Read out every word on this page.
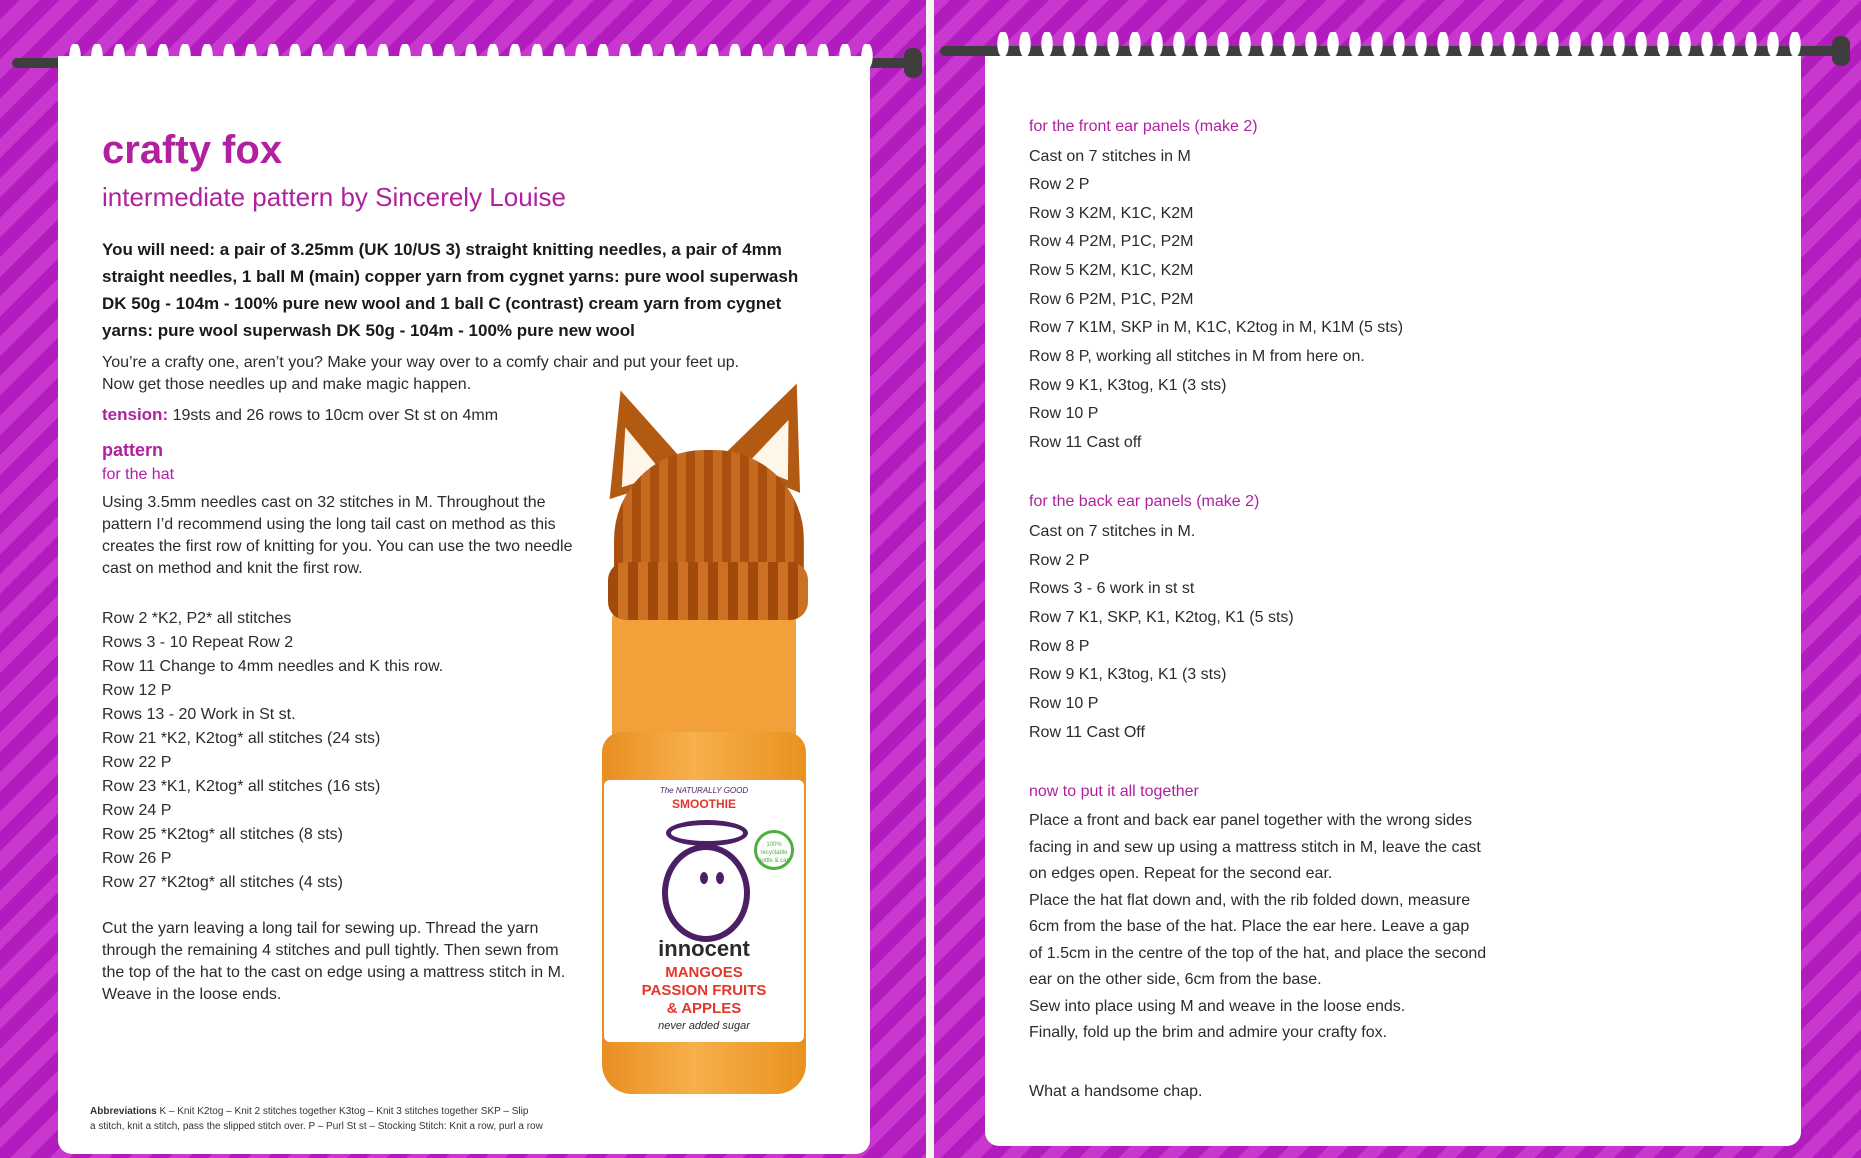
crafty fox
intermediate pattern by Sincerely Louise
You will need: a pair of 3.25mm (UK 10/US 3) straight knitting needles, a pair of 4mm
straight needles, 1 ball M (main) copper yarn from cygnet yarns: pure wool superwash
DK 50g - 104m - 100% pure new wool and 1 ball C (contrast) cream yarn from cygnet
yarns: pure wool superwash DK 50g - 104m - 100% pure new wool
You’re a crafty one, aren’t you? Make your way over to a comfy chair and put your feet up.
Now get those needles up and make magic happen.
tension: 19sts and 26 rows to 10cm over St st on 4mm
pattern
for the hat
Using 3.5mm needles cast on 32 stitches in M. Throughout the
pattern I’d recommend using the long tail cast on method as this
creates the first row of knitting for you. You can use the two needle
cast on method and knit the first row.

Row 2 *K2, P2* all stitches

Rows 3 - 10 Repeat Row 2

Row 11 Change to 4mm needles and K this row.

Row 12 P

Rows 13 - 20 Work in St st.

Row 21 *K2, K2tog* all stitches (24 sts)

Row 22 P

Row 23 *K1, K2tog* all stitches (16 sts)

Row 24 P

Row 25 *K2tog* all stitches (8 sts)

Row 26 P

Row 27 *K2tog* all stitches (4 sts)

Cut the yarn leaving a long tail for sewing up. Thread the yarn
through the remaining 4 stitches and pull tightly. Then sewn from
the top of the hat to the cast on edge using a mattress stitch in M.
Weave in the loose ends.
Abbreviations K – Knit K2tog – Knit 2 stitches together K3tog – Knit 3 stitches together SKP – Slip
a stitch, knit a stitch, pass the slipped stitch over. P – Purl St st – Stocking Stitch: Knit a row, purl a row

The NATURALLY GOOD

SMOOTHIE

100% recyclable bottle & cap

innocent

MANGOES

PASSION FRUITS

& APPLES

never added sugar

for the front ear panels (make 2)

Cast on 7 stitches in M

Row 2 P

Row 3 K2M, K1C, K2M

Row 4 P2M, P1C, P2M

Row 5 K2M, K1C, K2M

Row 6 P2M, P1C, P2M

Row 7 K1M, SKP in M, K1C, K2tog in M, K1M (5 sts)

Row 8 P, working all stitches in M from here on.

Row 9 K1, K3tog, K1 (3 sts)

Row 10 P

Row 11 Cast off

for the back ear panels (make 2)

Cast on 7 stitches in M.

Row 2 P

Rows 3 - 6 work in st st

Row 7 K1, SKP, K1, K2tog, K1 (5 sts)

Row 8 P

Row 9 K1, K3tog, K1 (3 sts)

Row 10 P

Row 11 Cast Off

now to put it all together

Place a front and back ear panel together with the wrong sides
facing in and sew up using a mattress stitch in M, leave the cast
on edges open. Repeat for the second ear.
Place the hat flat down and, with the rib folded down, measure
6cm from the base of the hat. Place the ear here. Leave a gap
of 1.5cm in the centre of the top of the hat, and place the second
ear on the other side, 6cm from the base.
Sew into place using M and weave in the loose ends.
Finally, fold up the brim and admire your crafty fox.

What a handsome chap.
